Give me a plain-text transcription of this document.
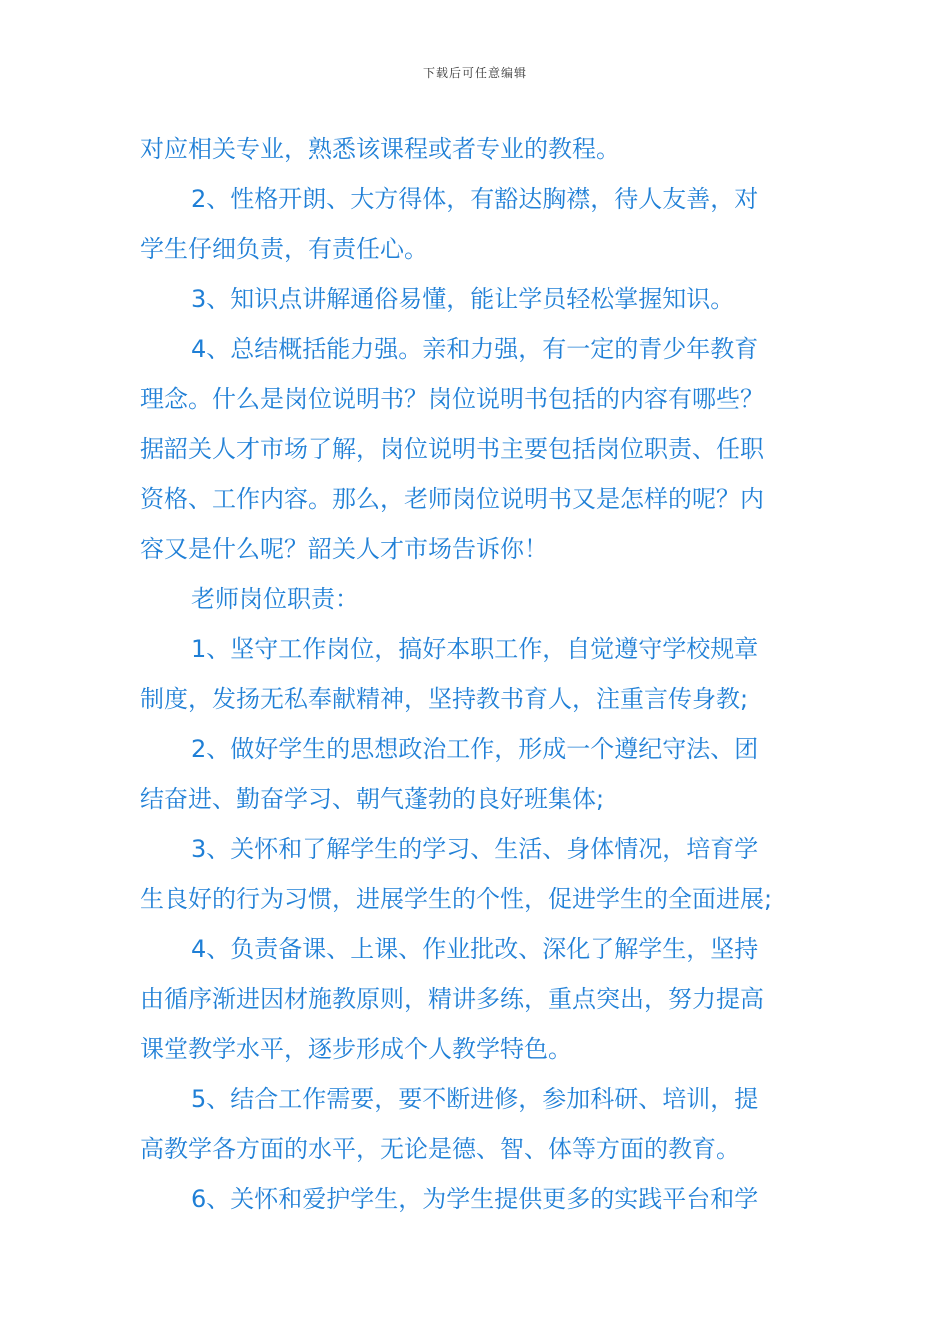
下载后可任意编辑
对应相关专业，熟悉该课程或者专业的教程。
2、性格开朗、大方得体，有豁达胸襟，待人友善，对
学生仔细负责，有责任心。
3、知识点讲解通俗易懂，能让学员轻松掌握知识。
4、总结概括能力强。亲和力强，有一定的青少年教育
理念。什么是岗位说明书？岗位说明书包括的内容有哪些？
据韶关人才市场了解，岗位说明书主要包括岗位职责、任职
资格、工作内容。那么，老师岗位说明书又是怎样的呢？内
容又是什么呢？韶关人才市场告诉你！
老师岗位职责：
1、坚守工作岗位，搞好本职工作，自觉遵守学校规章
制度，发扬无私奉献精神，坚持教书育人，注重言传身教;
2、做好学生的思想政治工作，形成一个遵纪守法、团
结奋进、勤奋学习、朝气蓬勃的良好班集体;
3、关怀和了解学生的学习、生活、身体情况，培育学
生良好的行为习惯，进展学生的个性，促进学生的全面进展;
4、负责备课、上课、作业批改、深化了解学生，坚持
由循序渐进因材施教原则，精讲多练，重点突出，努力提高
课堂教学水平，逐步形成个人教学特色。
5、结合工作需要，要不断进修，参加科研、培训，提
高教学各方面的水平，无论是德、智、体等方面的教育。
6、关怀和爱护学生，为学生提供更多的实践平台和学
